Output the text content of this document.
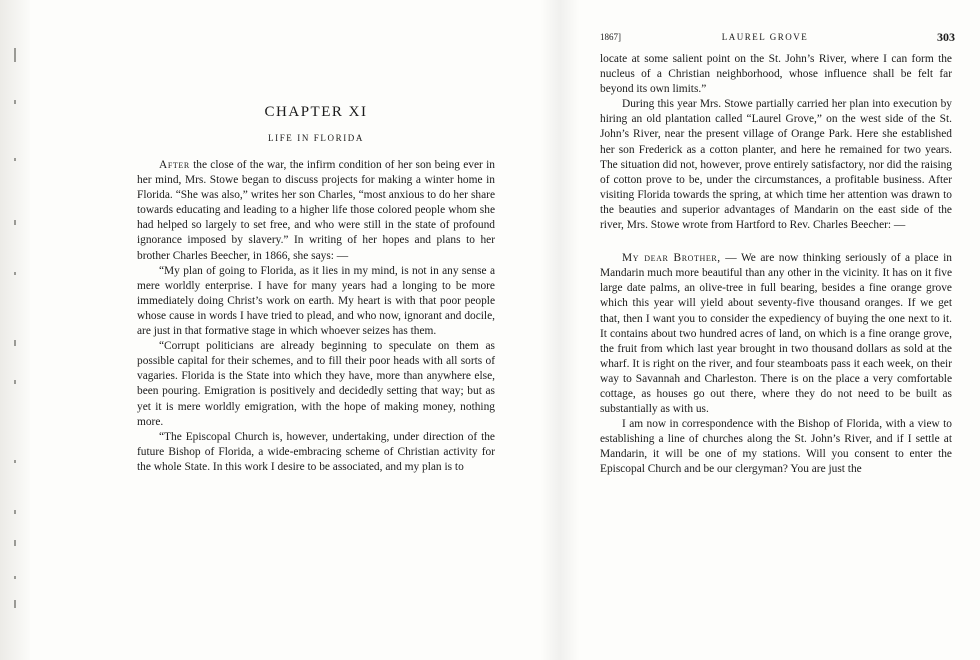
CHAPTER XI
LIFE IN FLORIDA

After the close of the war, the infirm condition of her son being ever in her mind, Mrs. Stowe began to discuss projects for making a winter home in Florida. “She was also,” writes her son Charles, “most anxious to do her share towards educating and leading to a higher life those colored people whom she had helped so largely to set free, and who were still in the state of profound ignorance imposed by slavery.” In writing of her hopes and plans to her brother Charles Beecher, in 1866, she says: —

“My plan of going to Florida, as it lies in my mind, is not in any sense a mere worldly enterprise. I have for many years had a longing to be more immediately doing Christ’s work on earth. My heart is with that poor people whose cause in words I have tried to plead, and who now, ignorant and docile, are just in that formative stage in which whoever seizes has them.

“Corrupt politicians are already beginning to speculate on them as possible capital for their schemes, and to fill their poor heads with all sorts of vagaries. Florida is the State into which they have, more than anywhere else, been pouring. Emigration is positively and decidedly setting that way; but as yet it is mere worldly emigration, with the hope of making money, nothing more.

“The Episcopal Church is, however, undertaking, under direction of the future Bishop of Florida, a wide-embracing scheme of Christian activity for the whole State. In this work I desire to be associated, and my plan is to

1867]	LAUREL GROVE	303

locate at some salient point on the St. John’s River, where I can form the nucleus of a Christian neighborhood, whose influence shall be felt far beyond its own limits.”

During this year Mrs. Stowe partially carried her plan into execution by hiring an old plantation called “Laurel Grove,” on the west side of the St. John’s River, near the present village of Orange Park. Here she established her son Frederick as a cotton planter, and here he remained for two years. The situation did not, however, prove entirely satisfactory, nor did the raising of cotton prove to be, under the circumstances, a profitable business. After visiting Florida towards the spring, at which time her attention was drawn to the beauties and superior advantages of Mandarin on the east side of the river, Mrs. Stowe wrote from Hartford to Rev. Charles Beecher: —

My dear Brother, — We are now thinking seriously of a place in Mandarin much more beautiful than any other in the vicinity. It has on it five large date palms, an olive-tree in full bearing, besides a fine orange grove which this year will yield about seventy-five thousand oranges. If we get that, then I want you to consider the expediency of buying the one next to it. It contains about two hundred acres of land, on which is a fine orange grove, the fruit from which last year brought in two thousand dollars as sold at the wharf. It is right on the river, and four steamboats pass it each week, on their way to Savannah and Charleston. There is on the place a very comfortable cottage, as houses go out there, where they do not need to be built as substantially as with us.

I am now in correspondence with the Bishop of Florida, with a view to establishing a line of churches along the St. John’s River, and if I settle at Mandarin, it will be one of my stations. Will you consent to enter the Episcopal Church and be our clergyman? You are just the
